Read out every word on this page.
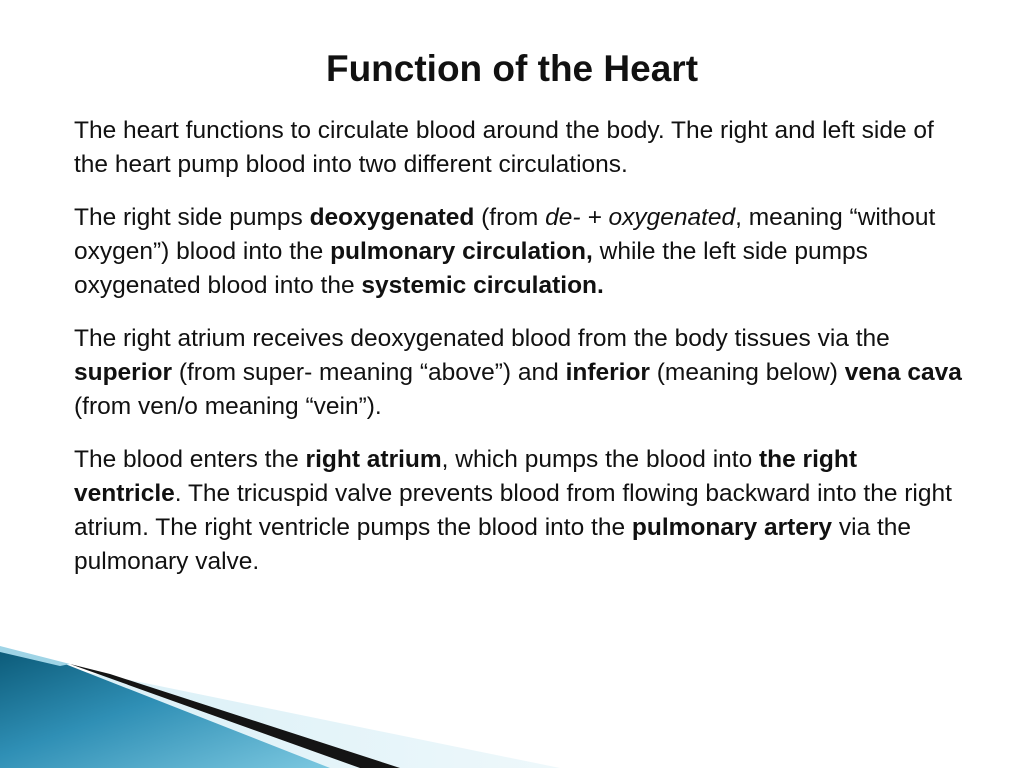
Function of the Heart

The heart functions to circulate blood around the body. The right and left side of the heart pump blood into two different circulations.

The right side pumps deoxygenated (from de- + oxygenated, meaning “without oxygen”) blood into the pulmonary circulation, while the left side pumps oxygenated blood into the systemic circulation.

The right atrium receives deoxygenated blood from the body tissues via the superior (from super- meaning “above”) and inferior (meaning below) vena cava (from ven/o meaning “vein”).

The blood enters the right atrium, which pumps the blood into the right ventricle. The tricuspid valve prevents blood from flowing backward into the right atrium. The right ventricle pumps the blood into the pulmonary artery via the pulmonary valve.
